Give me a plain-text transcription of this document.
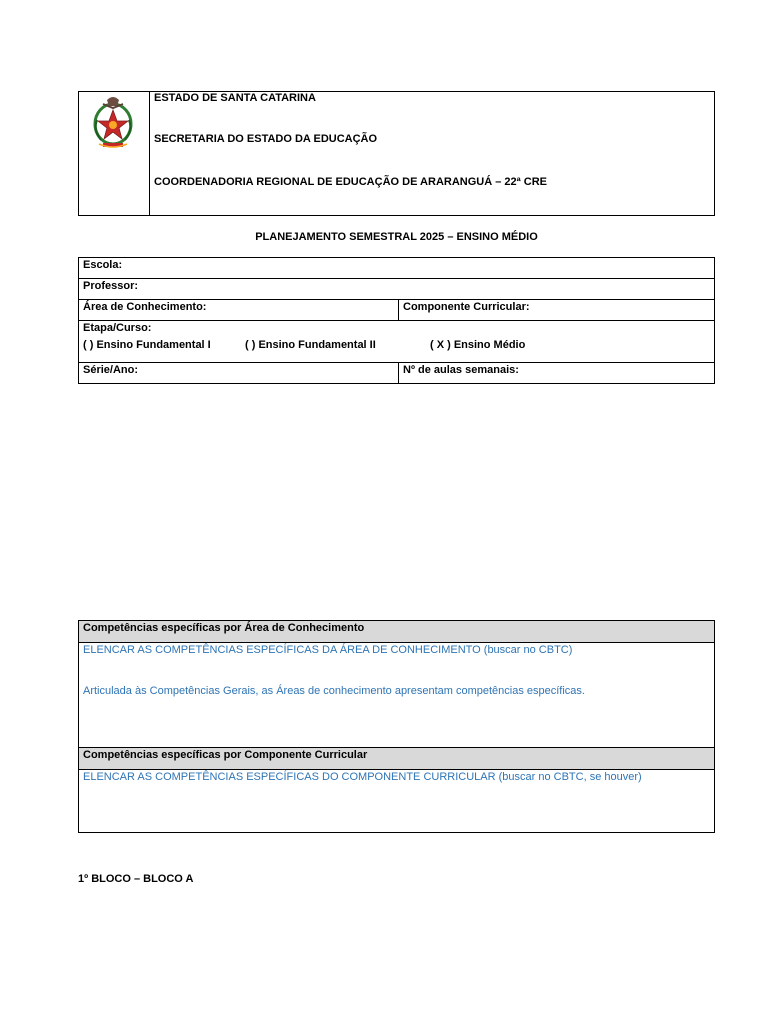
ESTADO DE SANTA CATARINA
SECRETARIA DO ESTADO DA EDUCAÇÃO
COORDENADORIA REGIONAL DE EDUCAÇÃO DE ARARANGUÁ – 22ª CRE
PLANEJAMENTO SEMESTRAL 2025 – ENSINO MÉDIO
Escola:	
Professor:	
Área de Conhecimento:	Componente Curricular:

Etapa/Curso:
( ) Ensino Fundamental I ( ) Ensino Fundamental II ( X ) Ensino Médio	

Série/Ano:	Nº de aulas semanais:
Competências específicas por Área de Conhecimento

ELENCAR AS COMPETÊNCIAS ESPECÍFICAS DA ÁREA DE CONHECIMENTO (buscar no CBTC)
Articulada às Competências Gerais, as Áreas de conhecimento apresentam competências específicas.

Competências específicas por Componente Curricular

ELENCAR AS COMPETÊNCIAS ESPECÍFICAS DO COMPONENTE CURRICULAR (buscar no CBTC, se houver)
1º BLOCO – BLOCO A
